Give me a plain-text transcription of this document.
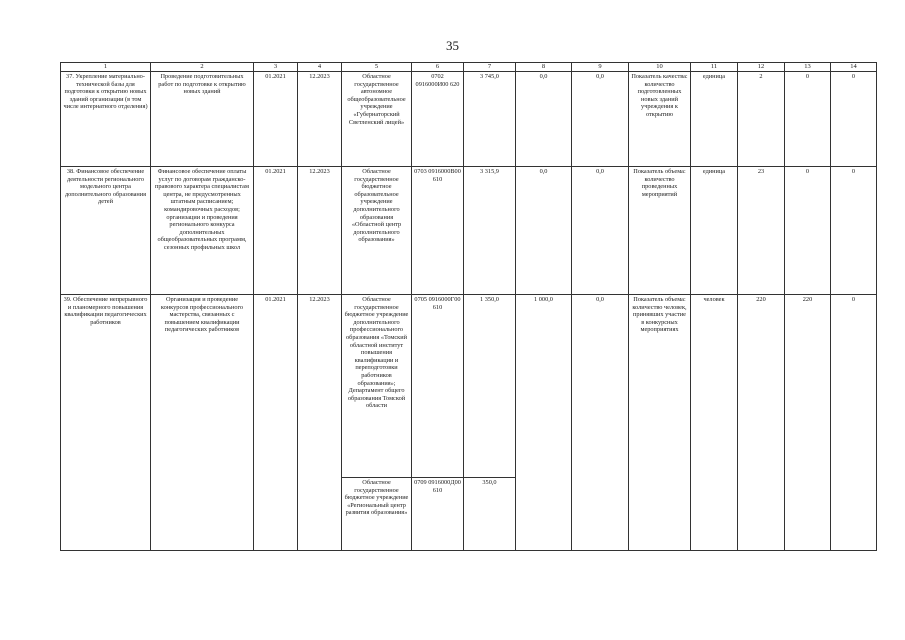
35
1	2	3	4	5	6	7	8	9	10	11	12	13	14
37. Укрепление материально-технической базы для подготовки к открытию новых зданий организации (в том числе интернатного отделения)	Проведение подготовительных работ по подготовке к открытию новых зданий	01.2021	12.2023	Областное государственное автономное общеобразовательное учреждение «Губернаторский Светленский лицей»	0702 0916000И00 620	3 745,0	0,0	0,0	Показатель качества: количество подготовленных новых зданий учреждения к открытию	единица	2	0	0
38. Финансовое обеспечение деятельности регионального модельного центра дополнительного образования детей	Финансовое обеспечение оплаты услуг по договорам гражданско-правового характера специалистам центра, не предусмотренных штатным расписанием; командировочных расходов; организации и проведения регионального конкурса дополнительных общеобразовательных программ, сезонных профильных школ	01.2021	12.2023	Областное государственное бюджетное образовательное учреждение дополнительного образования «Областной центр дополнительного образования»	0703 0916000В00 610	3 315,9	0,0	0,0	Показатель объема: количество проведенных мероприятий	единица	23	0	0
39. Обеспечение непрерывного и планомерного повышения квалификации педагогических работников	Организация и проведение конкурсов профессионального мастерства, связанных с повышением квалификации педагогических работников	01.2021	12.2023	Областное государственное бюджетное учреждение дополнительного профессионального образования «Томский областной институт повышения квалификации и переподготовки работников образования»; Департамент общего образования Томской области	0705 0916000Г00 610	1 350,0	1 000,0	0,0	Показатель объема: количество человек, принявших участие в конкурсных мероприятиях	человек	220	220	0
				Областное государственное бюджетное учреждение «Региональный центр развития образования»	0709 0916000Д00 610	350,0							
